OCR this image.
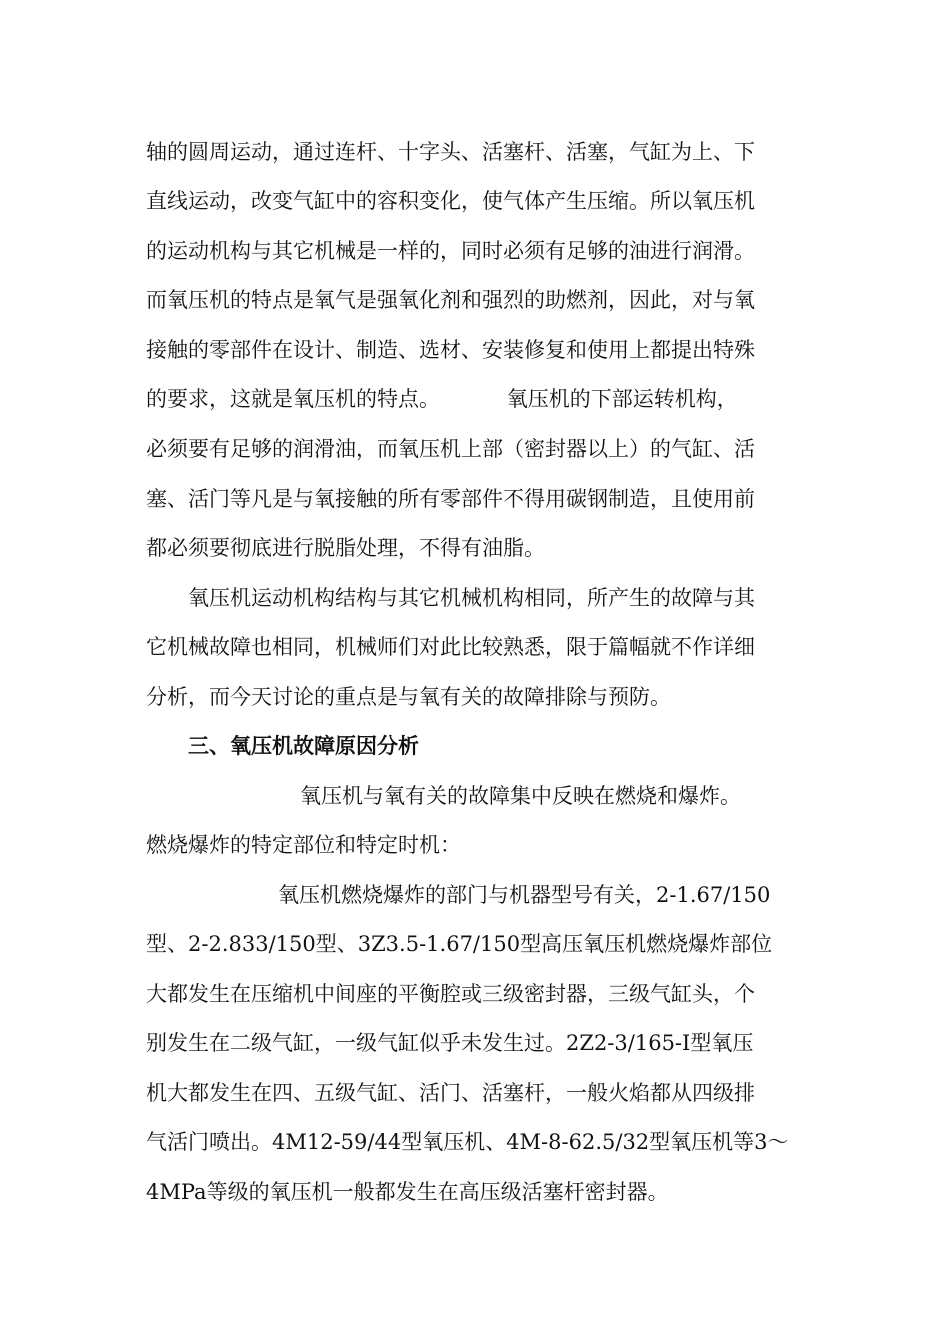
轴的圆周运动，通过连杆、十字头、活塞杆、活塞，气缸为上、下
直线运动，改变气缸中的容积变化，使气体产生压缩。所以氧压机
的运动机构与其它机械是一样的，同时必须有足够的油进行润滑。
而氧压机的特点是氧气是强氧化剂和强烈的助燃剂，因此，对与氧
接触的零部件在设计、制造、选材、安装修复和使用上都提出特殊
的要求，这就是氧压机的特点。          氧压机的下部运转机构，
必须要有足够的润滑油，而氧压机上部（密封器以上）的气缸、活
塞、活门等凡是与氧接触的所有零部件不得用碳钢制造，且使用前
都必须要彻底进行脱脂处理，不得有油脂。
氧压机运动机构结构与其它机械机构相同，所产生的故障与其
它机械故障也相同，机械师们对此比较熟悉，限于篇幅就不作详细
分析，而今天讨论的重点是与氧有关的故障排除与预防。
三、氧压机故障原因分析
氧压机与氧有关的故障集中反映在燃烧和爆炸。
燃烧爆炸的特定部位和特定时机：
氧压机燃烧爆炸的部门与机器型号有关，2-1.67/150
型、2-2.833/150型、3Z3.5-1.67/150型高压氧压机燃烧爆炸部位
大都发生在压缩机中间座的平衡腔或三级密封器，三级气缸头，个
别发生在二级气缸，一级气缸似乎未发生过。2Z2-3/165-Ⅰ型氧压
机大都发生在四、五级气缸、活门、活塞杆，一般火焰都从四级排
气活门喷出。4M12-59/44型氧压机、4M-8-62.5/32型氧压机等3～
4MPa等级的氧压机一般都发生在高压级活塞杆密封器。
